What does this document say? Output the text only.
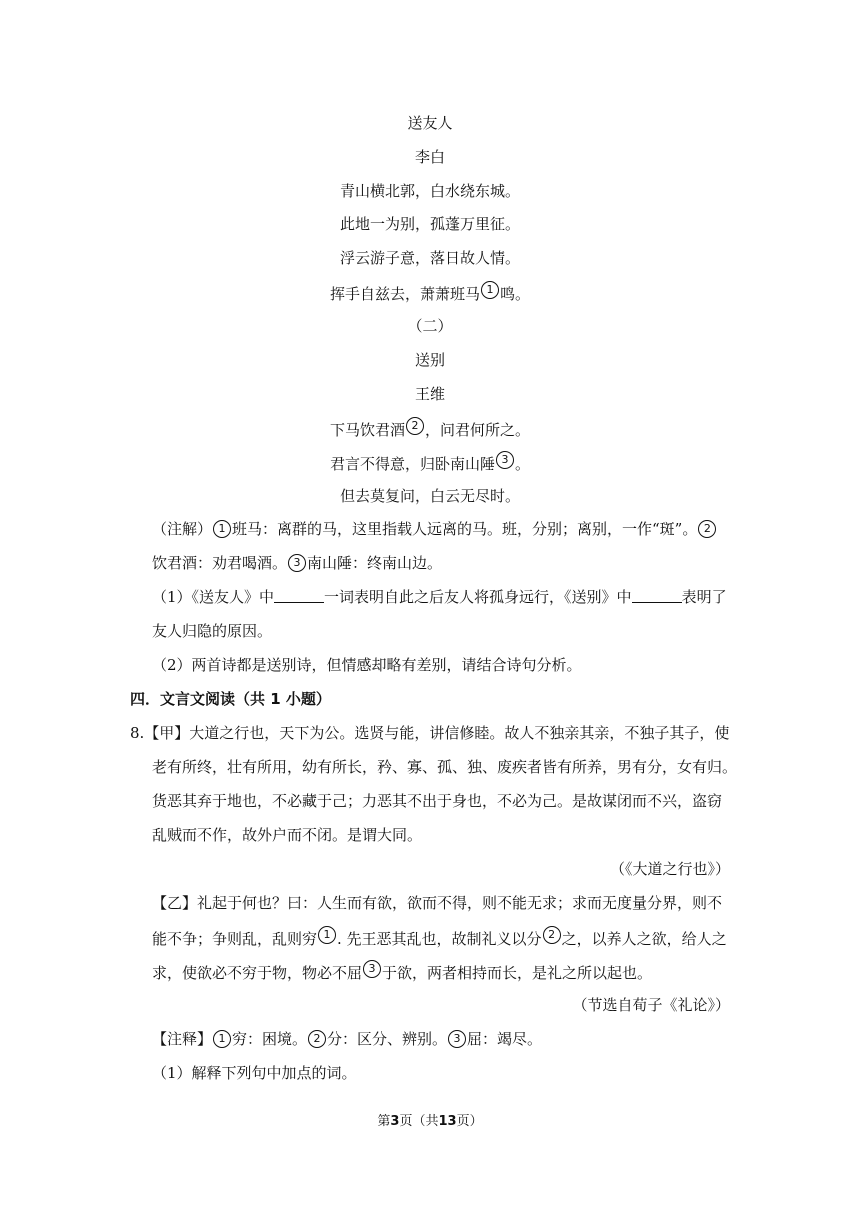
送友人
李白
青山横北郭，白水绕东城。
此地一为别，孤蓬万里征。
浮云游子意，落日故人情。
挥手自兹去，萧萧班马 1 鸣。
（二）
送别
王维
下马饮君酒 2 ，问君何所之。
君言不得意，归卧南山陲 3 。
但去莫复问，白云无尽时。
（注解） 1 班马：离群的马，这里指载人远离的马。班，分别；离别，一作“斑”。 2
饮君酒：劝君喝酒。 3 南山陲：终南山边。
（1）《送友人》中	一词表明自此之后友人将孤身远行，《送别》中	表明了
友人归隐的原因。
（2）两首诗都是送别诗，但情感却略有差别，请结合诗句分析。
四．文言文阅读（共 1 小题）
8.【甲】大道之行也，天下为公。选贤与能，讲信修睦。故人不独亲其亲，不独子其子，使
老有所终，壮有所用，幼有所长，矜、寡、孤、独、废疾者皆有所养，男有分，女有归。
货恶其弃于地也，不必藏于己；力恶其不出于身也，不必为己。是故谋闭而不兴，盗窃
乱贼而不作，故外户而不闭。是谓大同。
（《大道之行也》）
【乙】礼起于何也？曰：人生而有欲，欲而不得，则不能无求；求而无度量分界，则不
能不争；争则乱，乱则穷 1 . 先王恶其乱也，故制礼义以分 2 之，以养人之欲，给人之
求，使欲必不穷于物，物必不屈 3 于欲，两者相持而长，是礼之所以起也。
（节选自荀子《礼论》）
【注释】 1 穷：困境。 2 分：区分、辨别。 3 屈：竭尽。
（1）解释下列句中加点的词。
第3页（共13页）
